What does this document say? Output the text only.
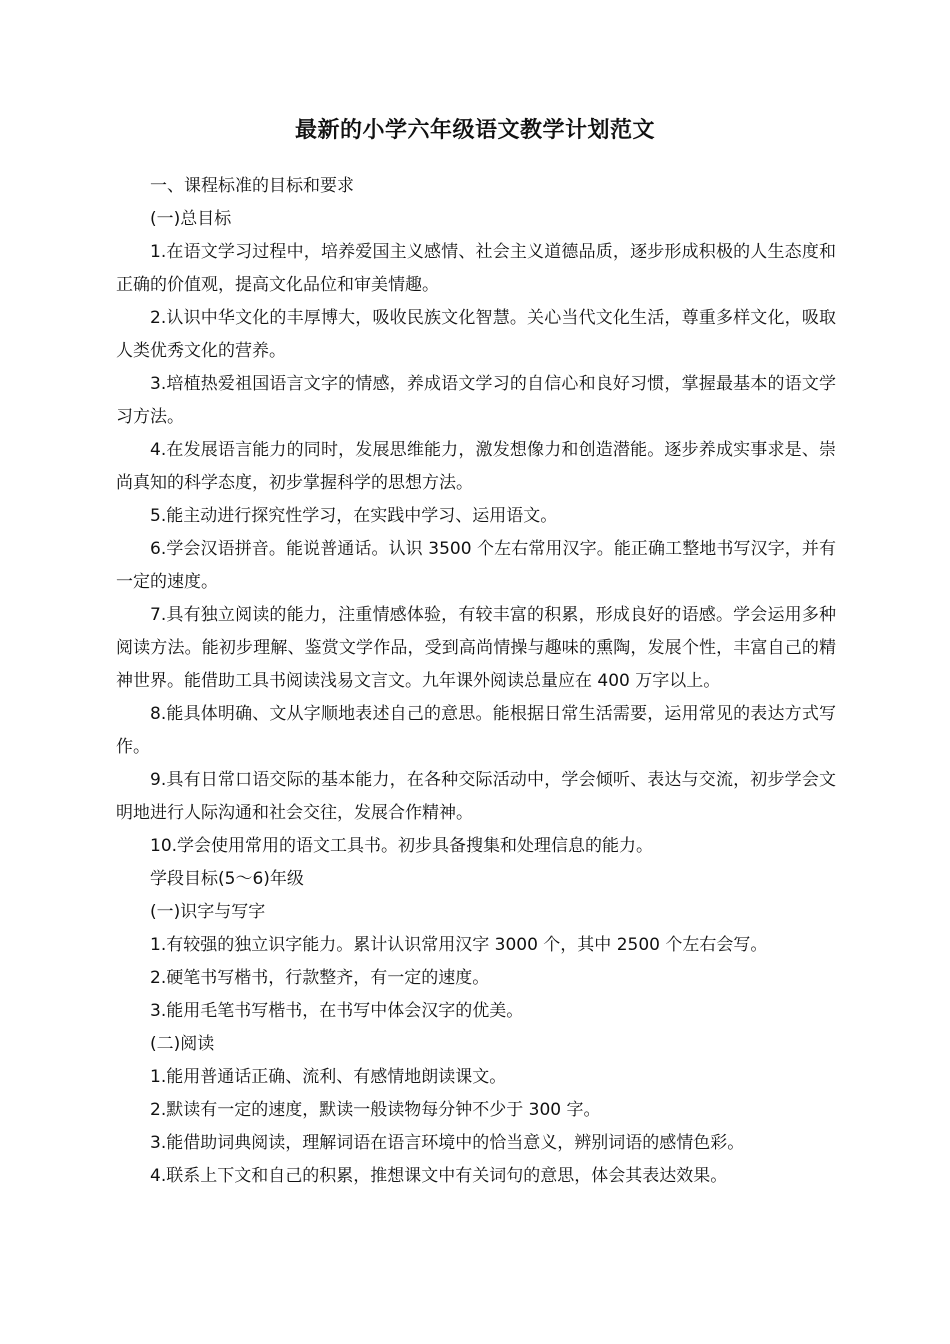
最新的小学六年级语文教学计划范文

一、课程标准的目标和要求

(一)总目标

1.在语文学习过程中，培养爱国主义感情、社会主义道德品质，逐步形成积极的人生态度和正确的价值观，提高文化品位和审美情趣。

2.认识中华文化的丰厚博大，吸收民族文化智慧。关心当代文化生活，尊重多样文化，吸取人类优秀文化的营养。

3.培植热爱祖国语言文字的情感，养成语文学习的自信心和良好习惯，掌握最基本的语文学习方法。

4.在发展语言能力的同时，发展思维能力，激发想像力和创造潜能。逐步养成实事求是、崇尚真知的科学态度，初步掌握科学的思想方法。

5.能主动进行探究性学习，在实践中学习、运用语文。

6.学会汉语拼音。能说普通话。认识 3500 个左右常用汉字。能正确工整地书写汉字，并有一定的速度。

7.具有独立阅读的能力，注重情感体验，有较丰富的积累，形成良好的语感。学会运用多种阅读方法。能初步理解、鉴赏文学作品，受到高尚情操与趣味的熏陶，发展个性，丰富自己的精神世界。能借助工具书阅读浅易文言文。九年课外阅读总量应在 400 万字以上。

8.能具体明确、文从字顺地表述自己的意思。能根据日常生活需要，运用常见的表达方式写作。

9.具有日常口语交际的基本能力，在各种交际活动中，学会倾听、表达与交流，初步学会文明地进行人际沟通和社会交往，发展合作精神。

10.学会使用常用的语文工具书。初步具备搜集和处理信息的能力。

学段目标(5～6)年级

(一)识字与写字

1.有较强的独立识字能力。累计认识常用汉字 3000 个，其中 2500 个左右会写。

2.硬笔书写楷书，行款整齐，有一定的速度。

3.能用毛笔书写楷书，在书写中体会汉字的优美。

(二)阅读

1.能用普通话正确、流利、有感情地朗读课文。

2.默读有一定的速度，默读一般读物每分钟不少于 300 字。

3.能借助词典阅读，理解词语在语言环境中的恰当意义，辨别词语的感情色彩。

4.联系上下文和自己的积累，推想课文中有关词句的意思，体会其表达效果。
